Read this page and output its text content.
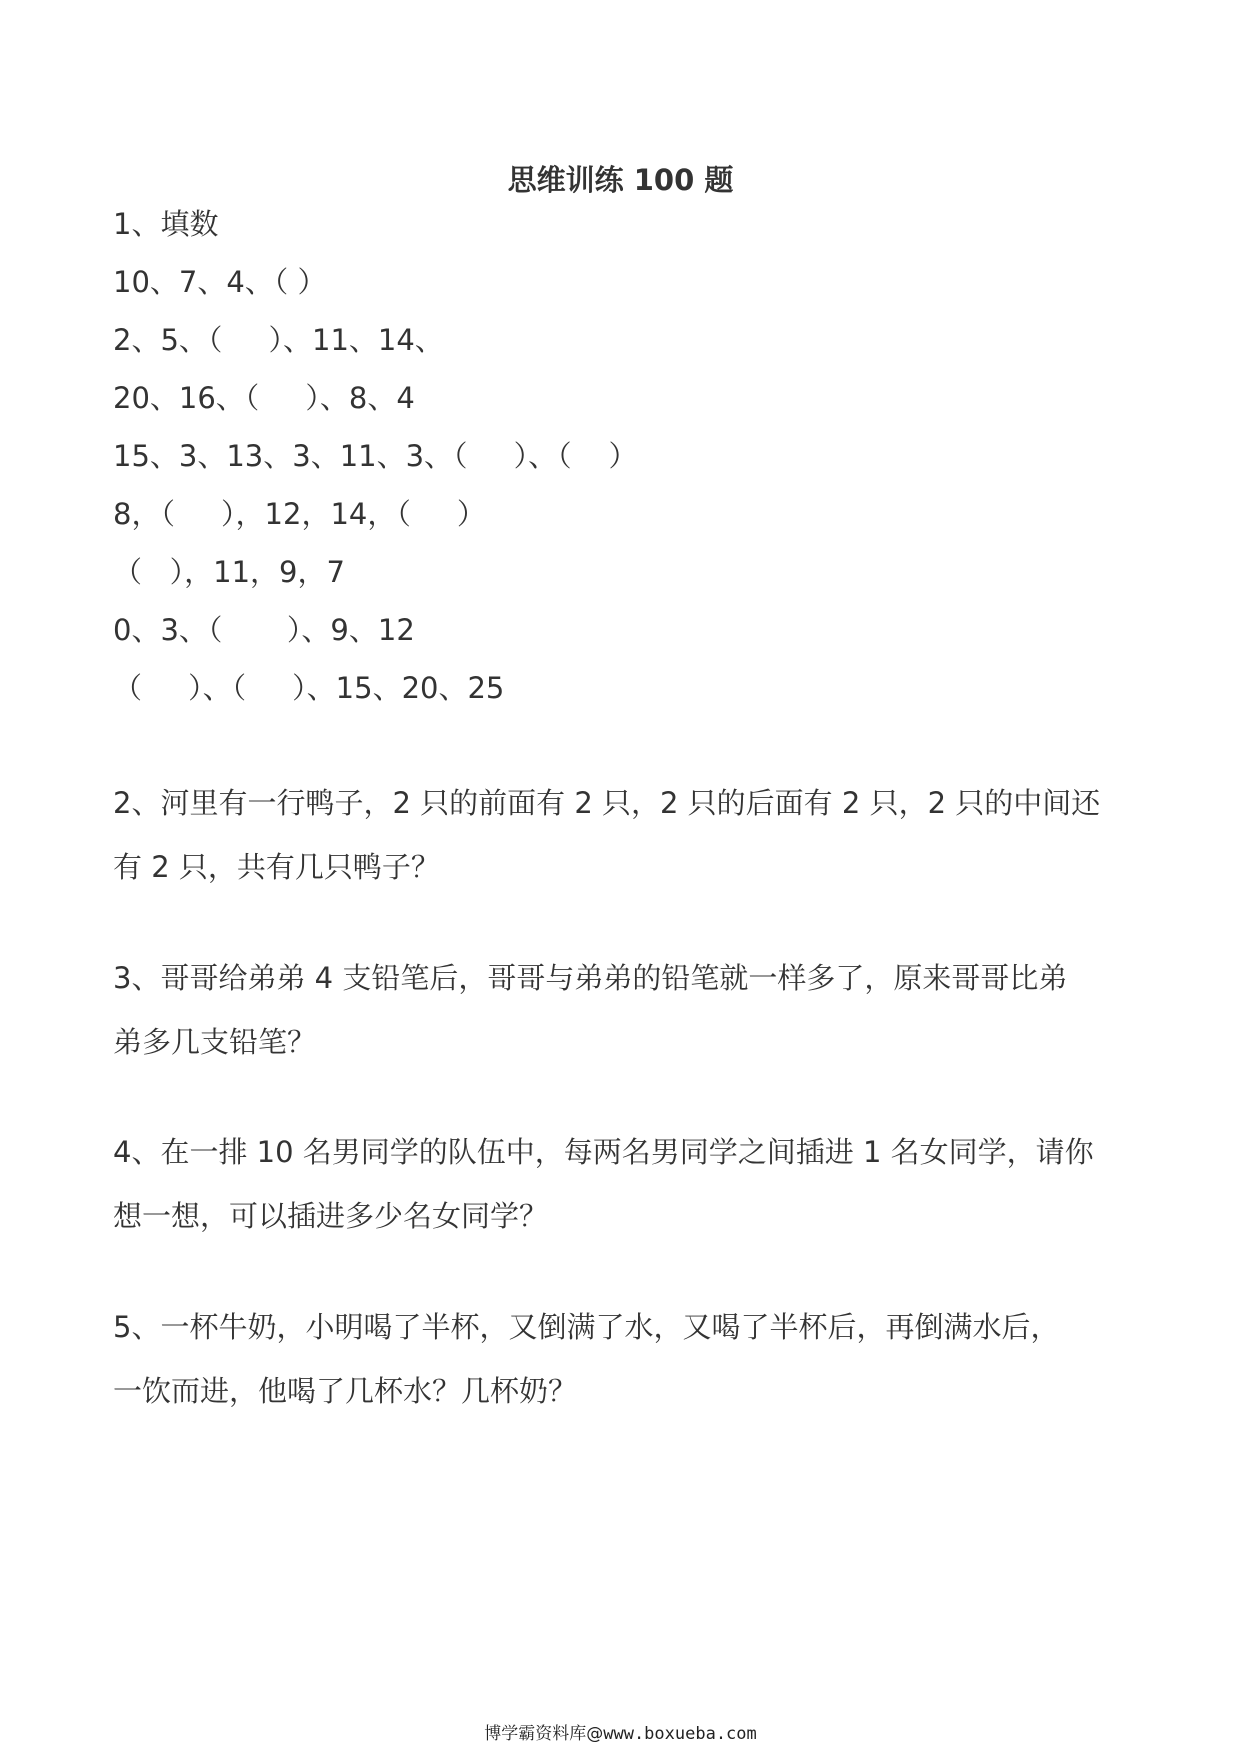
思维训练 100 题
1、填数
10、7、4、（ ）
2、5、（     ）、11、14、
20、16、（     ）、8、4
15、3、13、3、11、3、（     ）、（    ）
8，（     ），12，14，（     ）
（   ），11，9，7
0、3、（       ）、9、12
（     ）、（     ）、15、20、25
2、河里有一行鸭子，2 只的前面有 2 只，2 只的后面有 2 只，2 只的中间还
有 2 只，共有几只鸭子？
3、哥哥给弟弟 4 支铅笔后，哥哥与弟弟的铅笔就一样多了，原来哥哥比弟
弟多几支铅笔？
4、在一排 10 名男同学的队伍中，每两名男同学之间插进 1 名女同学，请你
想一想，可以插进多少名女同学？
5、一杯牛奶，小明喝了半杯，又倒满了水，又喝了半杯后，再倒满水后，
一饮而进，他喝了几杯水？几杯奶？
博学霸资料库@www.boxueba.com
